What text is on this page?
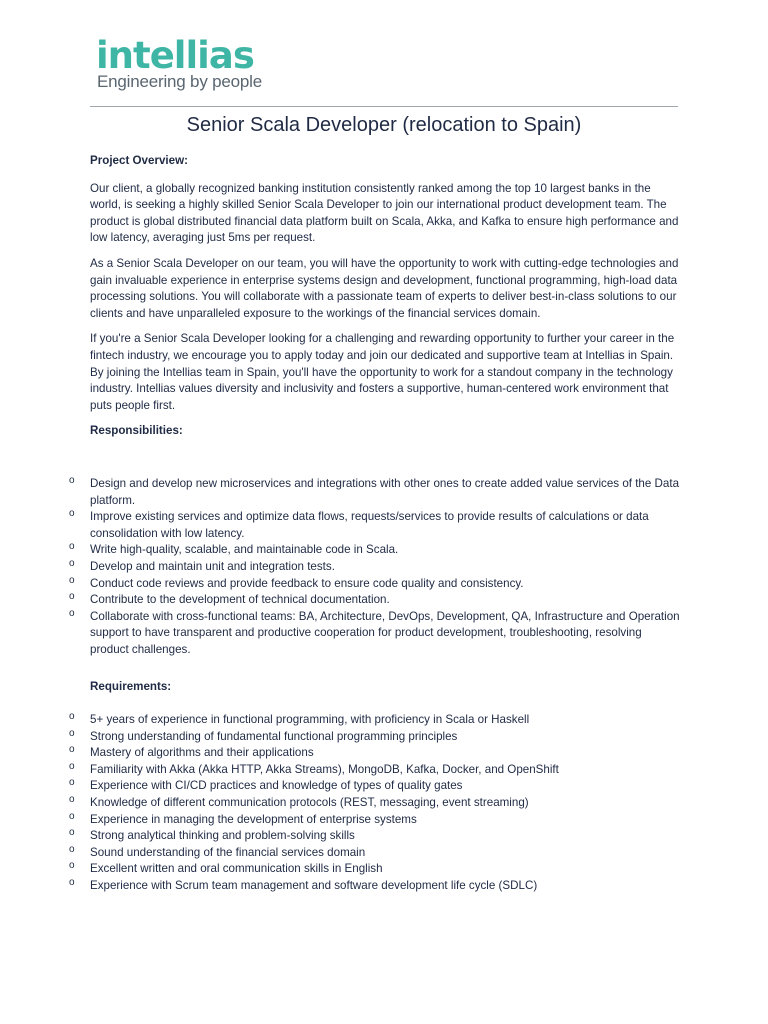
intellias
Engineering by people
Senior Scala Developer (relocation to Spain)

Project Overview:

Our client, a globally recognized banking institution consistently ranked among the top 10 largest banks in the world, is seeking a highly skilled Senior Scala Developer to join our international product development team. The product is global distributed financial data platform built on Scala, Akka, and Kafka to ensure high performance and low latency, averaging just 5ms per request.

As a Senior Scala Developer on our team, you will have the opportunity to work with cutting-edge technologies and gain invaluable experience in enterprise systems design and development, functional programming, high-load data processing solutions. You will collaborate with a passionate team of experts to deliver best-in-class solutions to our clients and have unparalleled exposure to the workings of the financial services domain.

If you're a Senior Scala Developer looking for a challenging and rewarding opportunity to further your career in the fintech industry, we encourage you to apply today and join our dedicated and supportive team at Intellias in Spain. By joining the Intellias team in Spain, you'll have the opportunity to work for a standout company in the technology industry. Intellias values diversity and inclusivity and fosters a supportive, human-centered work environment that puts people first.

Responsibilities:

o Design and develop new microservices and integrations with other ones to create added value services of the Data platform.
o Improve existing services and optimize data flows, requests/services to provide results of calculations or data consolidation with low latency.
o Write high-quality, scalable, and maintainable code in Scala.
o Develop and maintain unit and integration tests.
o Conduct code reviews and provide feedback to ensure code quality and consistency.
o Contribute to the development of technical documentation.
o Collaborate with cross-functional teams: BA, Architecture, DevOps, Development, QA, Infrastructure and Operation support to have transparent and productive cooperation for product development, troubleshooting, resolving product challenges.
Requirements:
o 5+ years of experience in functional programming, with proficiency in Scala or Haskell
o Strong understanding of fundamental functional programming principles
o Mastery of algorithms and their applications
o Familiarity with Akka (Akka HTTP, Akka Streams), MongoDB, Kafka, Docker, and OpenShift
o Experience with CI/CD practices and knowledge of types of quality gates
o Knowledge of different communication protocols (REST, messaging, event streaming)
o Experience in managing the development of enterprise systems
o Strong analytical thinking and problem-solving skills
o Sound understanding of the financial services domain
o Excellent written and oral communication skills in English
o Experience with Scrum team management and software development life cycle (SDLC)
